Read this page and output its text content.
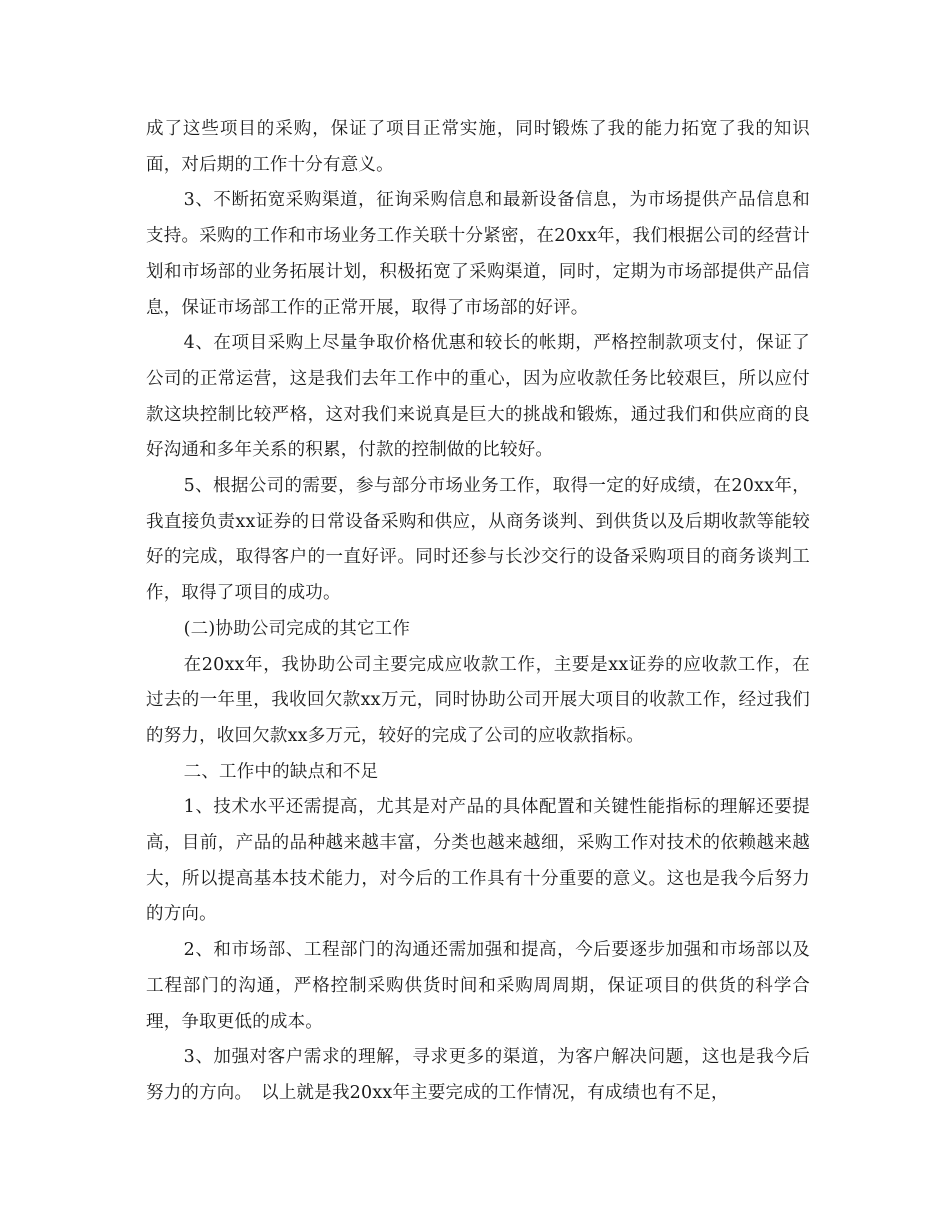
成了这些项目的采购，保证了项目正常实施，同时锻炼了我的能力拓宽了我的知识面，对后期的工作十分有意义。

3、不断拓宽采购渠道，征询采购信息和最新设备信息，为市场提供产品信息和支持。采购的工作和市场业务工作关联十分紧密，在20xx年，我们根据公司的经营计划和市场部的业务拓展计划，积极拓宽了采购渠道，同时，定期为市场部提供产品信息，保证市场部工作的正常开展，取得了市场部的好评。

4、在项目采购上尽量争取价格优惠和较长的帐期，严格控制款项支付，保证了公司的正常运营，这是我们去年工作中的重心，因为应收款任务比较艰巨，所以应付款这块控制比较严格，这对我们来说真是巨大的挑战和锻炼，通过我们和供应商的良好沟通和多年关系的积累，付款的控制做的比较好。

5、根据公司的需要，参与部分市场业务工作，取得一定的好成绩，在20xx年，我直接负责xx证券的日常设备采购和供应，从商务谈判、到供货以及后期收款等能较好的完成，取得客户的一直好评。同时还参与长沙交行的设备采购项目的商务谈判工作，取得了项目的成功。

(二)协助公司完成的其它工作

在20xx年，我协助公司主要完成应收款工作，主要是xx证券的应收款工作，在过去的一年里，我收回欠款xx万元，同时协助公司开展大项目的收款工作，经过我们的努力，收回欠款xx多万元，较好的完成了公司的应收款指标。

二、工作中的缺点和不足

1、技术水平还需提高，尤其是对产品的具体配置和关键性能指标的理解还要提高，目前，产品的品种越来越丰富，分类也越来越细，采购工作对技术的依赖越来越大，所以提高基本技术能力，对今后的工作具有十分重要的意义。这也是我今后努力的方向。

2、和市场部、工程部门的沟通还需加强和提高，今后要逐步加强和市场部以及工程部门的沟通，严格控制采购供货时间和采购周周期，保证项目的供货的科学合理，争取更低的成本。

3、加强对客户需求的理解，寻求更多的渠道，为客户解决问题，这也是我今后努力的方向。　以上就是我20xx年主要完成的工作情况，有成绩也有不足，
